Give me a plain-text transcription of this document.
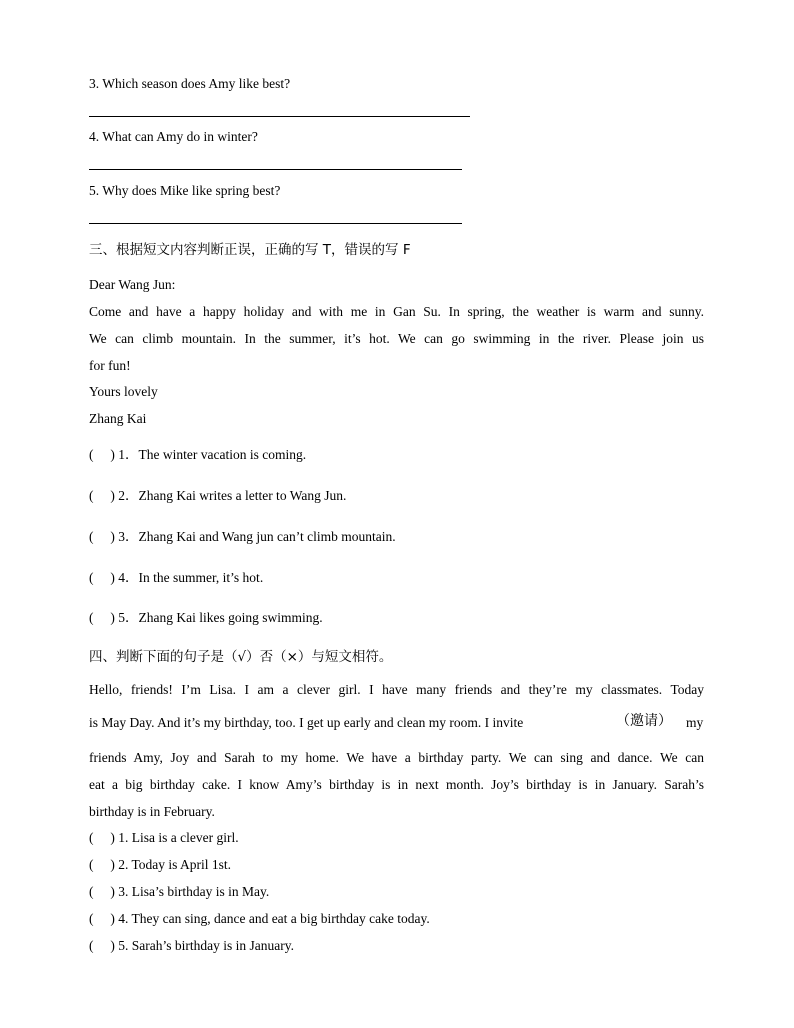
3. Which season does Amy like best?
4. What can Amy do in winter?
5. Why does Mike like spring best?
三、根据短文内容判断正误，正确的写 T，错误的写 F
Dear Wang Jun:
Come and have a happy holiday and with me in Gan Su. In spring, the weather is warm and sunny.
We can climb mountain. In the summer, it’s hot. We can go swimming in the river. Please join us
for fun!
Yours lovely
Zhang Kai
(     ) 1．The winter vacation is coming.
(     ) 2．Zhang Kai writes a letter to Wang Jun.
(     ) 3．Zhang Kai and Wang jun can’t climb mountain.
(     ) 4．In the summer, it’s hot.
(     ) 5．Zhang Kai likes going swimming.
四、判断下面的句子是（√）否（×）与短文相符。
Hello, friends! I’m Lisa. I am a clever girl. I have many friends and they’re my classmates. Today
is May Day. And it’s my birthday, too. I get up early and clean my room. I invite	（邀请） my
friends Amy, Joy and Sarah to my home. We have a birthday party. We can sing and dance. We can
eat a big birthday cake. I know Amy’s birthday is in next month. Joy’s birthday is in January. Sarah’s
birthday is in February.
(     ) 1. Lisa is a clever girl.
(     ) 2. Today is April 1st.
(     ) 3. Lisa’s birthday is in May.
(     ) 4. They can sing, dance and eat a big birthday cake today.
(     ) 5. Sarah’s birthday is in January.
